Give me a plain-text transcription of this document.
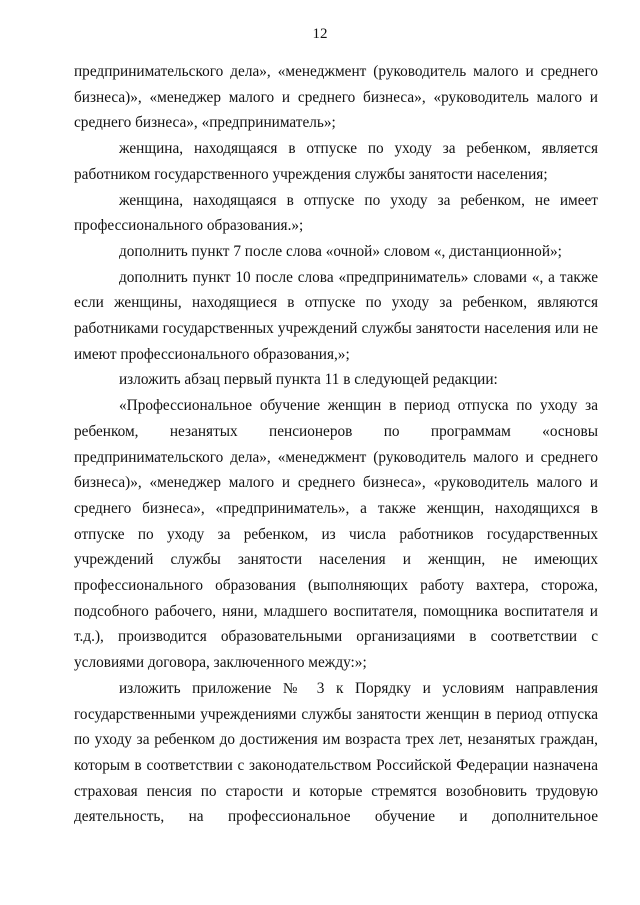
12
предпринимательского дела», «менеджмент (руководитель малого и среднего
бизнеса)», «менеджер малого и среднего бизнеса», «руководитель малого и
среднего бизнеса», «предприниматель»;
женщина, находящаяся в отпуске по уходу за ребенком, является
работником государственного учреждения службы занятости населения;
женщина, находящаяся в отпуске по уходу за ребенком, не имеет
профессионального образования.»;
дополнить пункт 7 после слова «очной» словом «, дистанционной»;
дополнить пункт 10 после слова «предприниматель» словами «, а также
если женщины, находящиеся в отпуске по уходу за ребенком, являются
работниками государственных учреждений службы занятости населения или не
имеют профессионального образования,»;
изложить абзац первый пункта 11 в следующей редакции:
«Профессиональное обучение женщин в период отпуска по уходу за
ребенком, незанятых пенсионеров по программам «основы
предпринимательского дела», «менеджмент (руководитель малого и среднего
бизнеса)», «менеджер малого и среднего бизнеса», «руководитель малого и
среднего бизнеса», «предприниматель», а также женщин, находящихся в
отпуске по уходу за ребенком, из числа работников государственных
учреждений службы занятости населения и женщин, не имеющих
профессионального образования (выполняющих работу вахтера, сторожа,
подсобного рабочего, няни, младшего воспитателя, помощника воспитателя и
т.д.), производится образовательными организациями в соответствии с
условиями договора, заключенного между:»;
изложить приложение № 3 к Порядку и условиям направления
государственными учреждениями службы занятости женщин в период отпуска
по уходу за ребенком до достижения им возраста трех лет, незанятых граждан,
которым в соответствии с законодательством Российской Федерации назначена
страховая пенсия по старости и которые стремятся возобновить трудовую
деятельность, на профессиональное обучение и дополнительное
